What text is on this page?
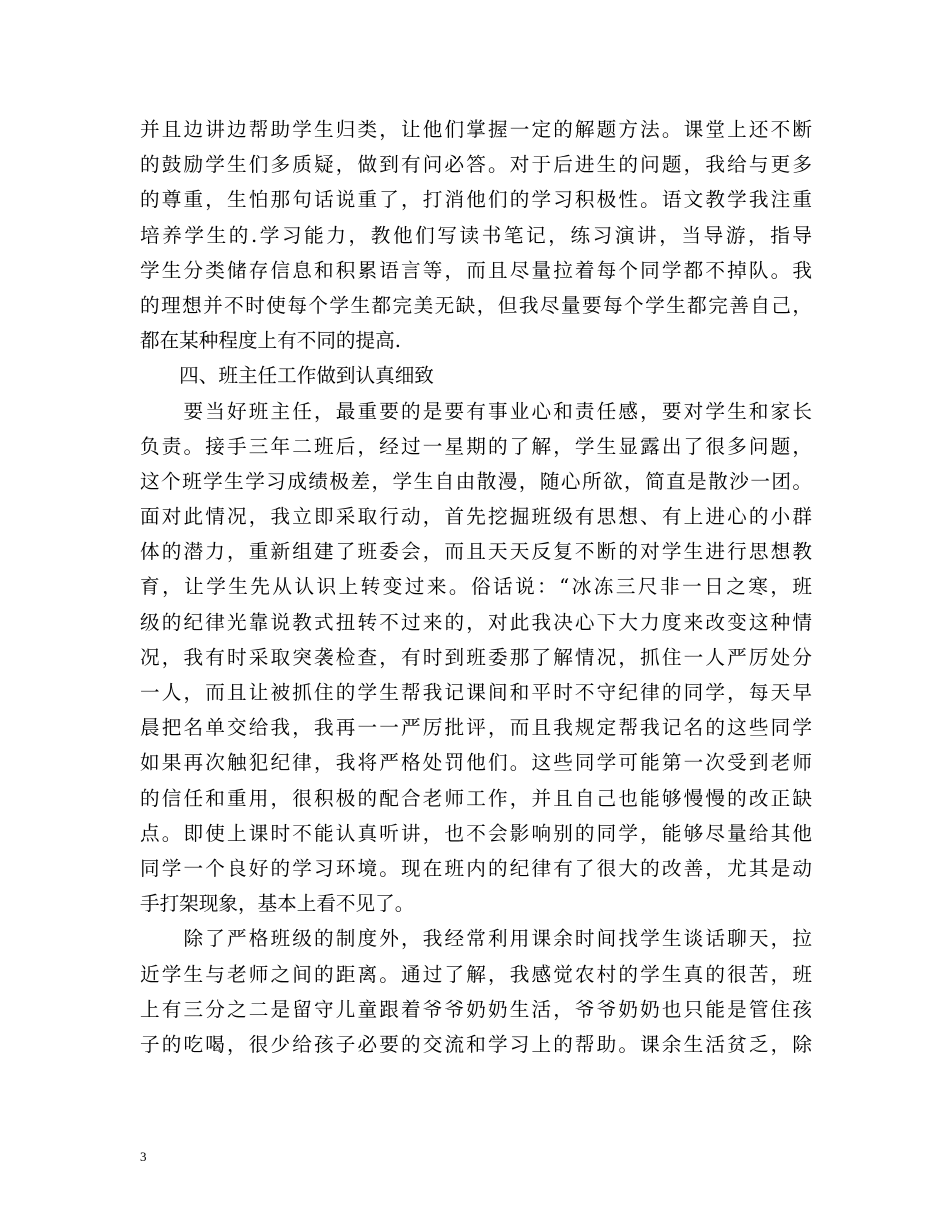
并且边讲边帮助学生归类，让他们掌握一定的解题方法。课堂上还不断
的鼓励学生们多质疑，做到有问必答。对于后进生的问题，我给与更多
的尊重，生怕那句话说重了，打消他们的学习积极性。语文教学我注重
培养学生的.学习能力，教他们写读书笔记，练习演讲，当导游，指导
学生分类储存信息和积累语言等，而且尽量拉着每个同学都不掉队。我
的理想并不时使每个学生都完美无缺，但我尽量要每个学生都完善自己，
都在某种程度上有不同的提高.
　　四、班主任工作做到认真细致
　　要当好班主任，最重要的是要有事业心和责任感，要对学生和家长
负责。接手三年二班后，经过一星期的了解，学生显露出了很多问题，
这个班学生学习成绩极差，学生自由散漫，随心所欲，简直是散沙一团。
面对此情况，我立即采取行动，首先挖掘班级有思想、有上进心的小群
体的潜力，重新组建了班委会，而且天天反复不断的对学生进行思想教
育，让学生先从认识上转变过来。俗话说：“冰冻三尺非一日之寒，班
级的纪律光靠说教式扭转不过来的，对此我决心下大力度来改变这种情
况，我有时采取突袭检查，有时到班委那了解情况，抓住一人严厉处分
一人，而且让被抓住的学生帮我记课间和平时不守纪律的同学，每天早
晨把名单交给我，我再一一严厉批评，而且我规定帮我记名的这些同学
如果再次触犯纪律，我将严格处罚他们。这些同学可能第一次受到老师
的信任和重用，很积极的配合老师工作，并且自己也能够慢慢的改正缺
点。即使上课时不能认真听讲，也不会影响别的同学，能够尽量给其他
同学一个良好的学习环境。现在班内的纪律有了很大的改善，尤其是动
手打架现象，基本上看不见了。
　　除了严格班级的制度外，我经常利用课余时间找学生谈话聊天，拉
近学生与老师之间的距离。通过了解，我感觉农村的学生真的很苦，班
上有三分之二是留守儿童跟着爷爷奶奶生活，爷爷奶奶也只能是管住孩
子的吃喝，很少给孩子必要的交流和学习上的帮助。课余生活贫乏，除
3
